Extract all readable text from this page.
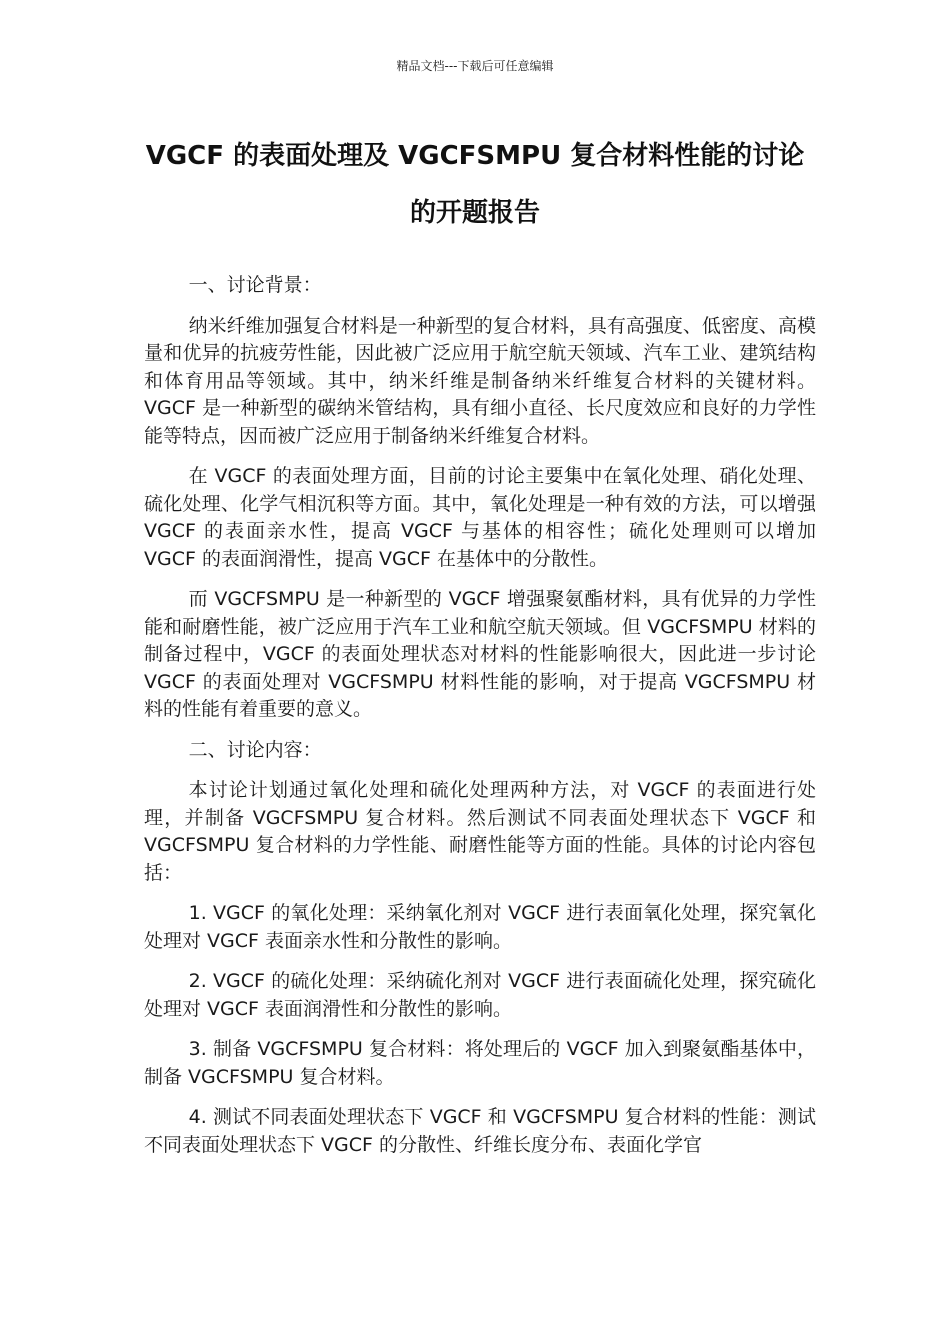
精品文档---下载后可任意编辑
VGCF 的表面处理及 VGCFSMPU 复合材料性能的讨论的开题报告

一、讨论背景：

纳米纤维加强复合材料是一种新型的复合材料，具有高强度、低密度、高模量和优异的抗疲劳性能，因此被广泛应用于航空航天领域、汽车工业、建筑结构和体育用品等领域。其中，纳米纤维是制备纳米纤维复合材料的关键材料。VGCF 是一种新型的碳纳米管结构，具有细小直径、长尺度效应和良好的力学性能等特点，因而被广泛应用于制备纳米纤维复合材料。

在 VGCF 的表面处理方面，目前的讨论主要集中在氧化处理、硝化处理、硫化处理、化学气相沉积等方面。其中，氧化处理是一种有效的方法，可以增强 VGCF 的表面亲水性，提高 VGCF 与基体的相容性；硫化处理则可以增加 VGCF 的表面润滑性，提高 VGCF 在基体中的分散性。

而 VGCFSMPU 是一种新型的 VGCF 增强聚氨酯材料，具有优异的力学性能和耐磨性能，被广泛应用于汽车工业和航空航天领域。但 VGCFSMPU 材料的制备过程中，VGCF 的表面处理状态对材料的性能影响很大，因此进一步讨论 VGCF 的表面处理对 VGCFSMPU 材料性能的影响，对于提高 VGCFSMPU 材料的性能有着重要的意义。

二、讨论内容：

本讨论计划通过氧化处理和硫化处理两种方法，对 VGCF 的表面进行处理，并制备 VGCFSMPU 复合材料。然后测试不同表面处理状态下 VGCF 和 VGCFSMPU 复合材料的力学性能、耐磨性能等方面的性能。具体的讨论内容包括：

1. VGCF 的氧化处理：采纳氧化剂对 VGCF 进行表面氧化处理，探究氧化处理对 VGCF 表面亲水性和分散性的影响。

2. VGCF 的硫化处理：采纳硫化剂对 VGCF 进行表面硫化处理，探究硫化处理对 VGCF 表面润滑性和分散性的影响。

3. 制备 VGCFSMPU 复合材料：将处理后的 VGCF 加入到聚氨酯基体中，制备 VGCFSMPU 复合材料。

4. 测试不同表面处理状态下 VGCF 和 VGCFSMPU 复合材料的性能：测试不同表面处理状态下 VGCF 的分散性、纤维长度分布、表面化学官
